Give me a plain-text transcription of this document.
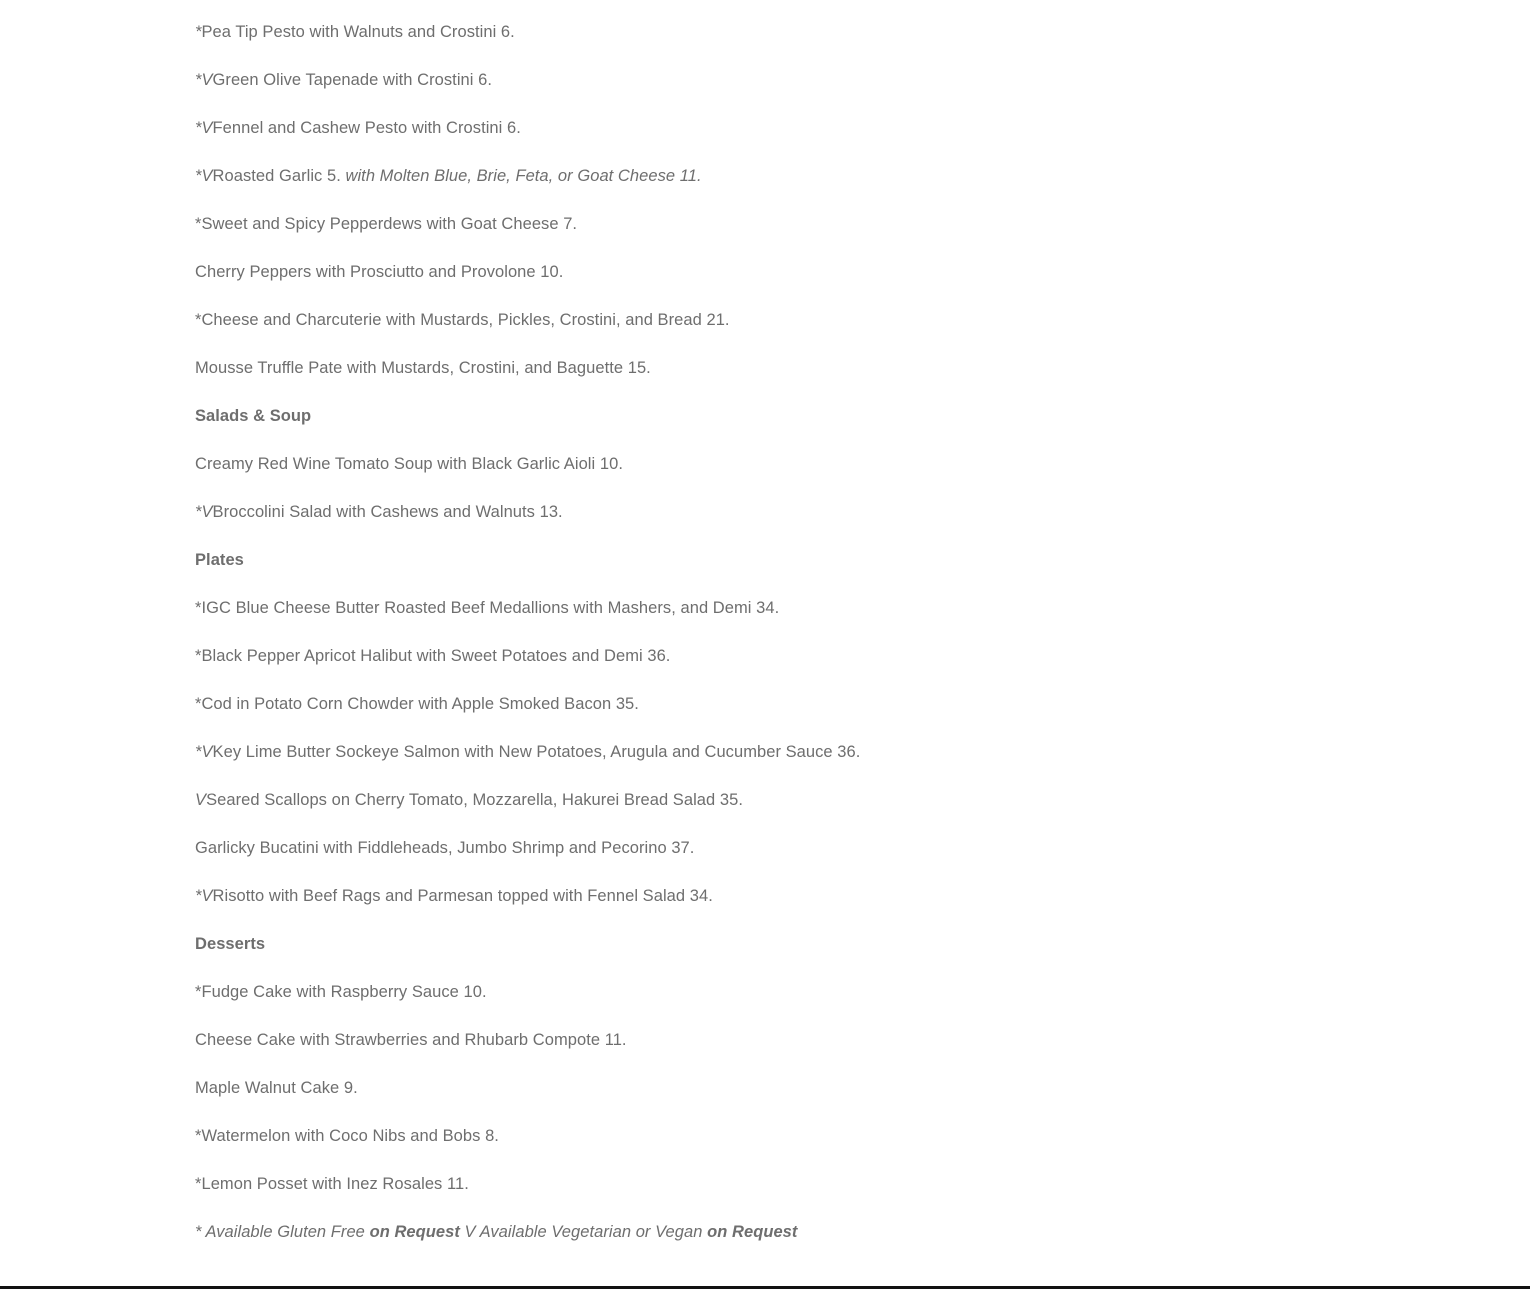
*Pea Tip Pesto with Walnuts and Crostini 6.
*VGreen Olive Tapenade with Crostini 6.
*VFennel and Cashew Pesto with Crostini 6.
*VRoasted Garlic 5. with Molten Blue, Brie, Feta, or Goat Cheese 11.
*Sweet and Spicy Pepperdews with Goat Cheese 7.
Cherry Peppers with Prosciutto and Provolone 10.
*Cheese and Charcuterie with Mustards, Pickles, Crostini, and Bread 21.
Mousse Truffle Pate with Mustards, Crostini, and Baguette 15.
Salads & Soup
Creamy Red Wine Tomato Soup with Black Garlic Aioli 10.
*VBroccolini Salad with Cashews and Walnuts 13.
Plates
*IGC Blue Cheese Butter Roasted Beef Medallions with Mashers, and Demi 34.
*Black Pepper Apricot Halibut with Sweet Potatoes and Demi 36.
*Cod in Potato Corn Chowder with Apple Smoked Bacon 35.
*VKey Lime Butter Sockeye Salmon with New Potatoes, Arugula and Cucumber Sauce 36.
VSeared Scallops on Cherry Tomato, Mozzarella, Hakurei Bread Salad 35.
Garlicky Bucatini with Fiddleheads, Jumbo Shrimp and Pecorino 37.
*VRisotto with Beef Rags and Parmesan topped with Fennel Salad 34.
Desserts
*Fudge Cake with Raspberry Sauce 10.
Cheese Cake with Strawberries and Rhubarb Compote 11.
Maple Walnut Cake 9.
*Watermelon with Coco Nibs and Bobs 8.
*Lemon Posset with Inez Rosales 11.
* Available Gluten Free on Request V Available Vegetarian or Vegan on Request
